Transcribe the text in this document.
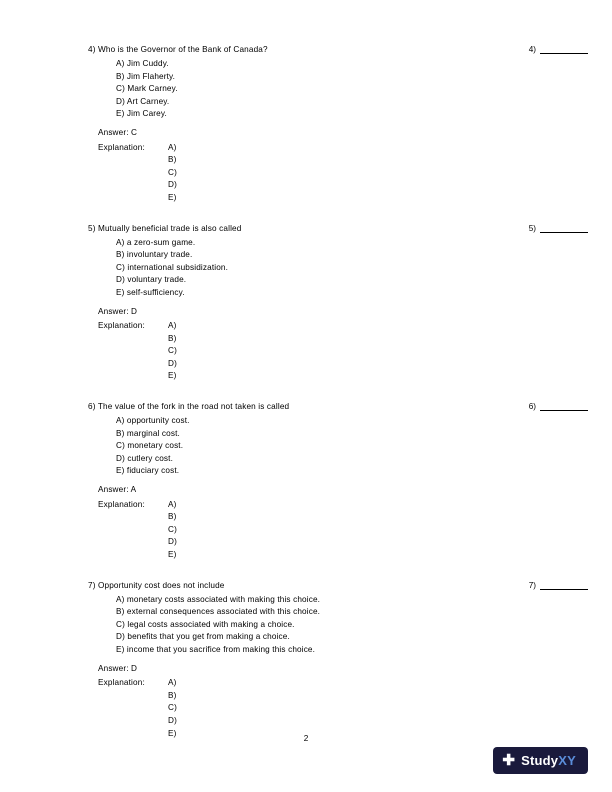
4) Who is the Governor of the Bank of Canada?	4)
A) Jim Cuddy.
B) Jim Flaherty.
C) Mark Carney.
D) Art Carney.
E) Jim Carey.
Answer: C
Explanation:	A)
B)
C)
D)
E)
5) Mutually beneficial trade is also called	5)
A) a zero-sum game.
B) involuntary trade.
C) international subsidization.
D) voluntary trade.
E) self-sufficiency.
Answer: D
Explanation:	A)
B)
C)
D)
E)
6) The value of the fork in the road not taken is called	6)
A) opportunity cost.
B) marginal cost.
C) monetary cost.
D) cutlery cost.
E) fiduciary cost.
Answer: A
Explanation:	A)
B)
C)
D)
E)
7) Opportunity cost does not include	7)
A) monetary costs associated with making this choice.
B) external consequences associated with this choice.
C) legal costs associated with making a choice.
D) benefits that you get from making a choice.
E) income that you sacrifice from making this choice.
Answer: D
Explanation:	A)
B)
C)
D)
E)
2
✚ Study XY
